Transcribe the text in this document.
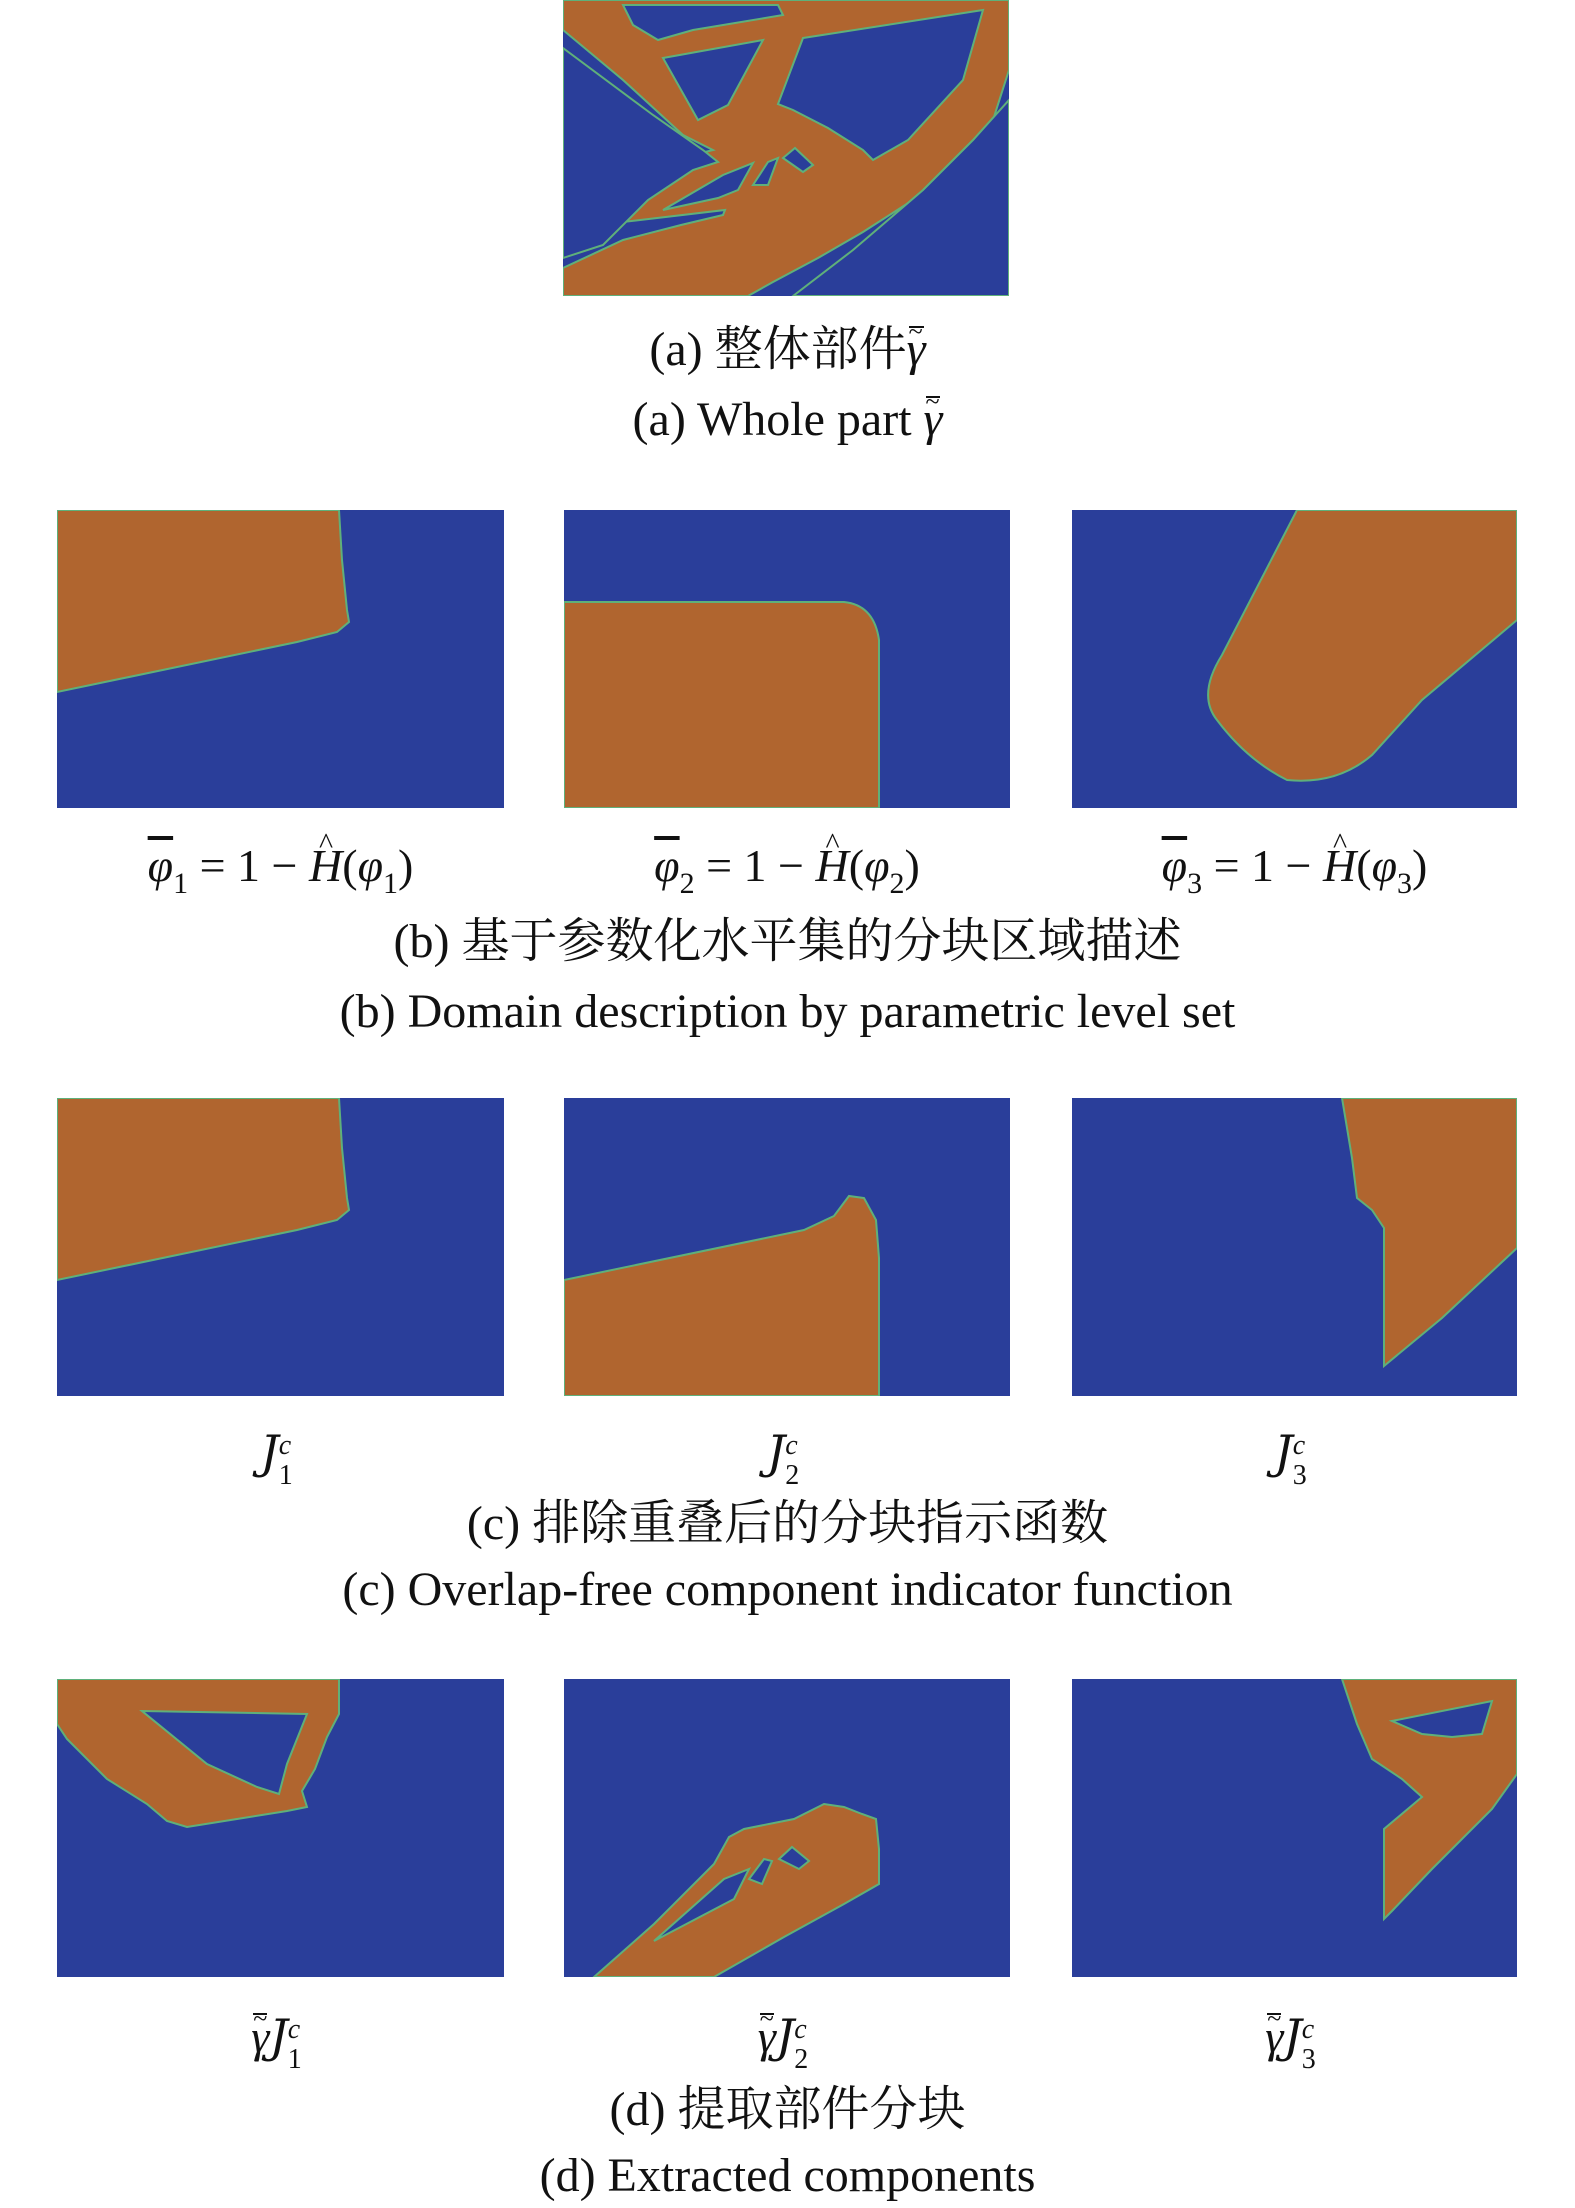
(a) 整体部件γ ~
(a) Whole part γ ~
$\overline{\varphi}_1 = 1$ − ^ $H(\varphi_1)$	$\overline{\varphi}_2 = 1$ − ^ $H(\varphi_2)$	$\overline{\varphi}_3 = 1$ − ^ $H(\varphi_3)$
(b) 基于参数化水平集的分块区域描述
(b) Domain description by parametric level set
J c
1	J c
2	J c
3
(c) 排除重叠后的分块指示函数
(c) Overlap-free component indicator function
γ ~J c
1	γ ~J c
2	γ ~J c
3
(d) 提取部件分块
(d) Extracted components
